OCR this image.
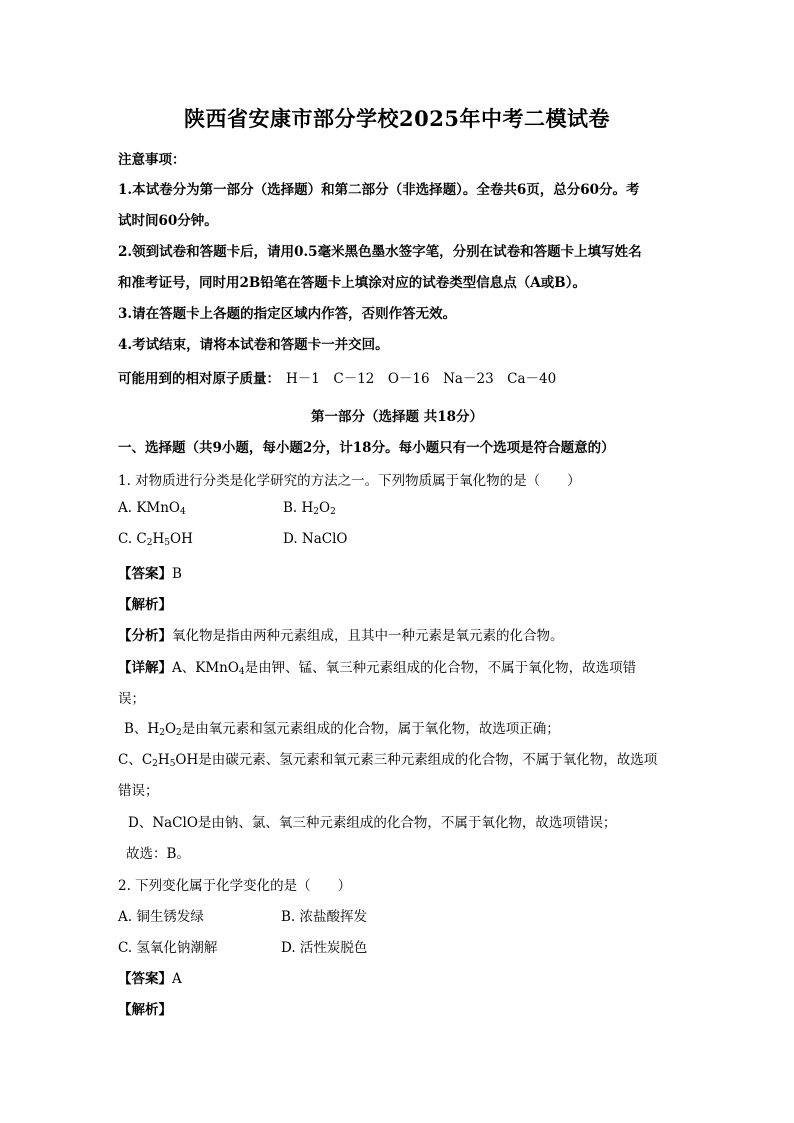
陕西省安康市部分学校2025年中考二模试卷
注意事项：
1.本试卷分为第一部分（选择题）和第二部分（非选择题）。全卷共6页，总分60分。考
试时间60分钟。
2.领到试卷和答题卡后，请用0.5毫米黑色墨水签字笔，分别在试卷和答题卡上填写姓名
和准考证号，同时用2B铅笔在答题卡上填涂对应的试卷类型信息点（A或B）。
3.请在答题卡上各题的指定区域内作答，否则作答无效。
4.考试结束，请将本试卷和答题卡一并交回。
可能用到的相对原子质量： H－1　C－12　O－16　Na－23　Ca－40
第一部分（选择题 共18分）
一、选择题（共9小题，每小题2分，计18分。每小题只有一个选项是符合题意的）
1. 对物质进行分类是化学研究的方法之一。下列物质属于氧化物的是（　　）
A. KMnO$_4$	B. $H_2O_2$
C. $C_2H_5OH$	D. NaClO
【答案】B
【解析】
【分析】氧化物是指由两种元素组成，且其中一种元素是氧元素的化合物。
【详解】A、KMnO$_4$是由钾、锰、氧三种元素组成的化合物，不属于氧化物，故选项错
误；
B、$H_2O_2$是由氧元素和氢元素组成的化合物，属于氧化物，故选项正确；
C、$C_2H_5OH$是由碳元素、氢元素和氧元素三种元素组成的化合物，不属于氧化物，故选项
错误；
D、NaClO是由钠、氯、氧三种元素组成的化合物，不属于氧化物，故选项错误；
故选：B。
2. 下列变化属于化学变化的是（　　）
A. 铜生锈发绿	B. 浓盐酸挥发
C. 氢氧化钠潮解	D. 活性炭脱色
【答案】A
【解析】
